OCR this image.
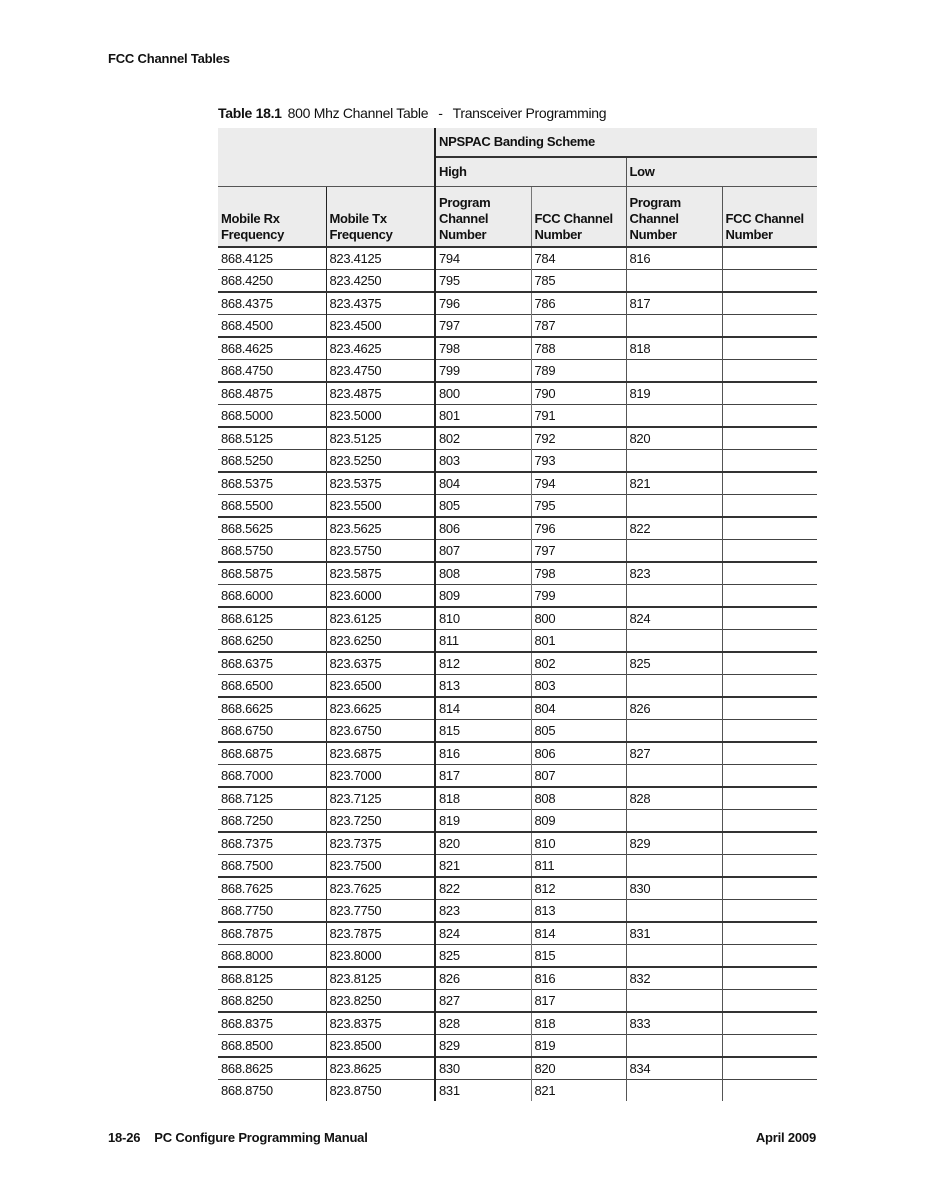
FCC Channel Tables
Table 18.1 800 Mhz Channel Table - Transceiver Programming
		NPSPAC Banding Scheme			
		High		Low	
Mobile Rx Frequency	Mobile Tx Frequency	Program Channel Number	FCC Channel Number	Program Channel Number	FCC Channel Number
868.4125	823.4125	794	784	816	
868.4250	823.4250	795	785		
868.4375	823.4375	796	786	817	
868.4500	823.4500	797	787		
868.4625	823.4625	798	788	818	
868.4750	823.4750	799	789		
868.4875	823.4875	800	790	819	
868.5000	823.5000	801	791		
868.5125	823.5125	802	792	820	
868.5250	823.5250	803	793		
868.5375	823.5375	804	794	821	
868.5500	823.5500	805	795		
868.5625	823.5625	806	796	822	
868.5750	823.5750	807	797		
868.5875	823.5875	808	798	823	
868.6000	823.6000	809	799		
868.6125	823.6125	810	800	824	
868.6250	823.6250	811	801		
868.6375	823.6375	812	802	825	
868.6500	823.6500	813	803		
868.6625	823.6625	814	804	826	
868.6750	823.6750	815	805		
868.6875	823.6875	816	806	827	
868.7000	823.7000	817	807		
868.7125	823.7125	818	808	828	
868.7250	823.7250	819	809		
868.7375	823.7375	820	810	829	
868.7500	823.7500	821	811		
868.7625	823.7625	822	812	830	
868.7750	823.7750	823	813		
868.7875	823.7875	824	814	831	
868.8000	823.8000	825	815		
868.8125	823.8125	826	816	832	
868.8250	823.8250	827	817		
868.8375	823.8375	828	818	833	
868.8500	823.8500	829	819		
868.8625	823.8625	830	820	834	
868.8750	823.8750	831	821		
18-26 PC Configure Programming Manual	April 2009
